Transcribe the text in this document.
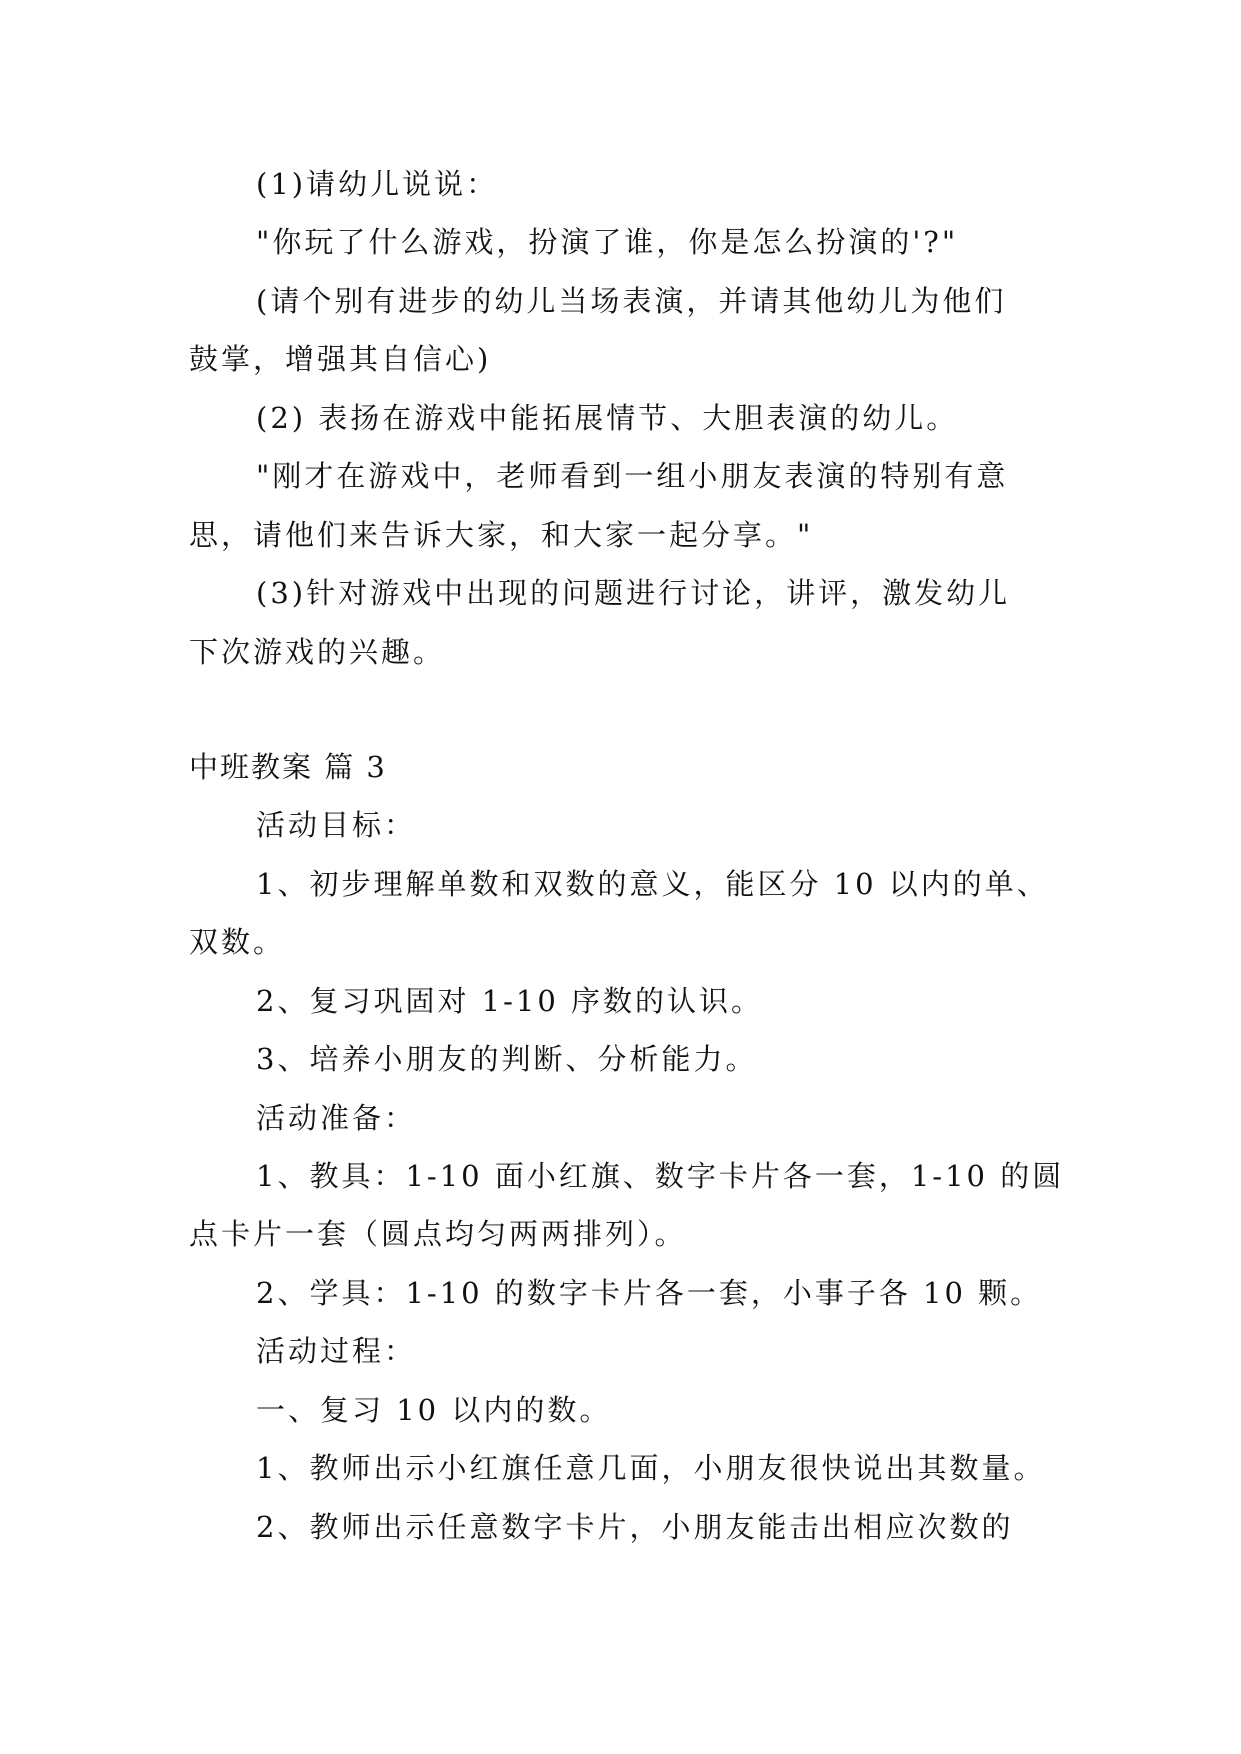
(1)请幼儿说说：
"你玩了什么游戏，扮演了谁，你是怎么扮演的'?"
(请个别有进步的幼儿当场表演，并请其他幼儿为他们
鼓掌，增强其自信心)
(2) 表扬在游戏中能拓展情节、大胆表演的幼儿。
"刚才在游戏中，老师看到一组小朋友表演的特别有意
思，请他们来告诉大家，和大家一起分享。"
(3)针对游戏中出现的问题进行讨论，讲评，激发幼儿
下次游戏的兴趣。
中班教案 篇 3
活动目标：
1、初步理解单数和双数的意义，能区分 10 以内的单、
双数。
2、复习巩固对 1-10 序数的认识。
3、培养小朋友的判断、分析能力。
活动准备：
1、教具：1-10 面小红旗、数字卡片各一套，1-10 的圆
点卡片一套（圆点均匀两两排列）。
2、学具：1-10 的数字卡片各一套，小事子各 10 颗。
活动过程：
一、复习 10 以内的数。
1、教师出示小红旗任意几面，小朋友很快说出其数量。
2、教师出示任意数字卡片，小朋友能击出相应次数的
